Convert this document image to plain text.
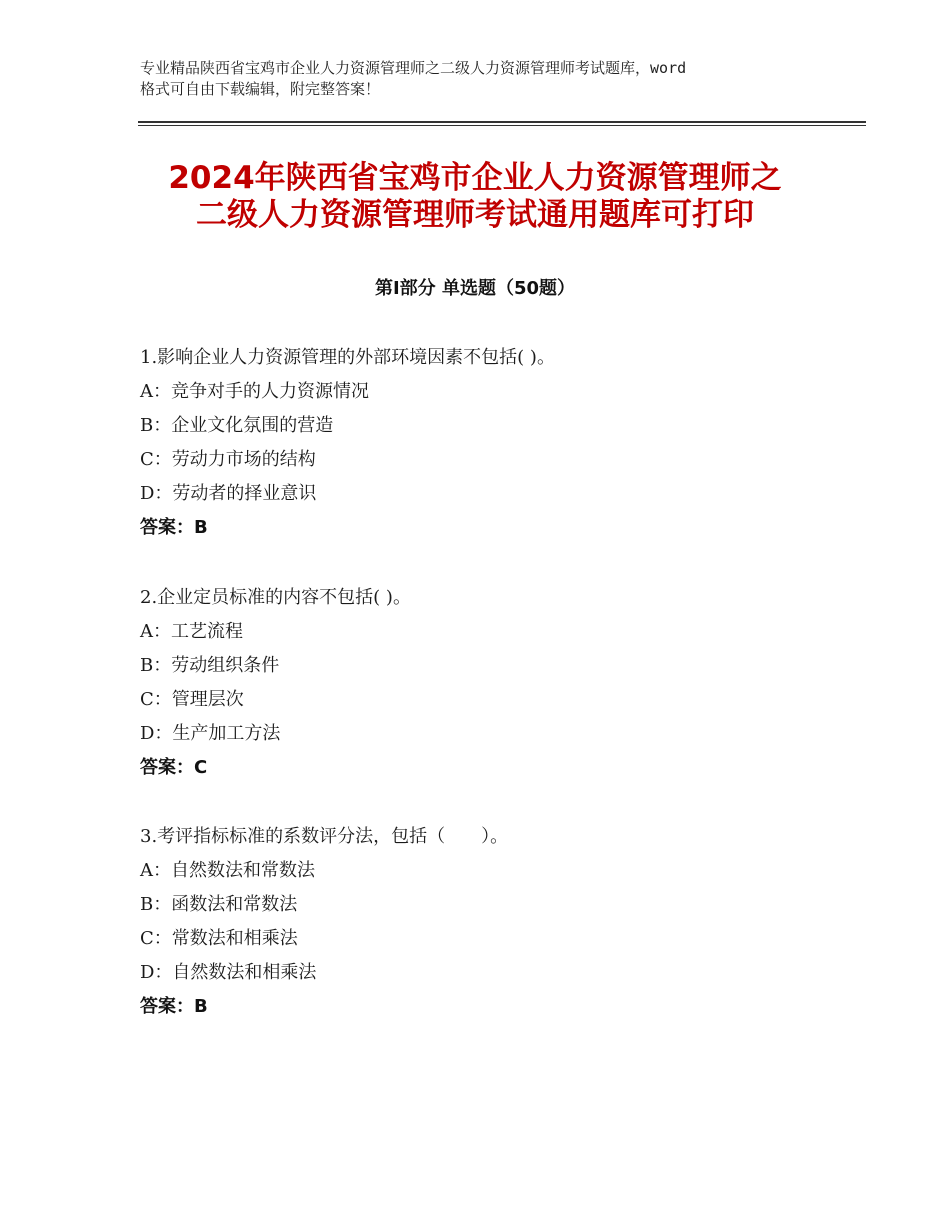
专业精品陕西省宝鸡市企业人力资源管理师之二级人力资源管理师考试题库，word
格式可自由下载编辑，附完整答案！
2024年陕西省宝鸡市企业人力资源管理师之
二级人力资源管理师考试通用题库可打印
第Ⅰ部分 单选题（50题）
1.影响企业人力资源管理的外部环境因素不包括( )。
A：竞争对手的人力资源情况
B：企业文化氛围的营造
C：劳动力市场的结构
D：劳动者的择业意识
答案：B
2.企业定员标准的内容不包括( )。
A：工艺流程
B：劳动组织条件
C：管理层次
D：生产加工方法
答案：C
3.考评指标标准的系数评分法，包括（　　）。
A：自然数法和常数法
B：函数法和常数法
C：常数法和相乘法
D：自然数法和相乘法
答案：B
